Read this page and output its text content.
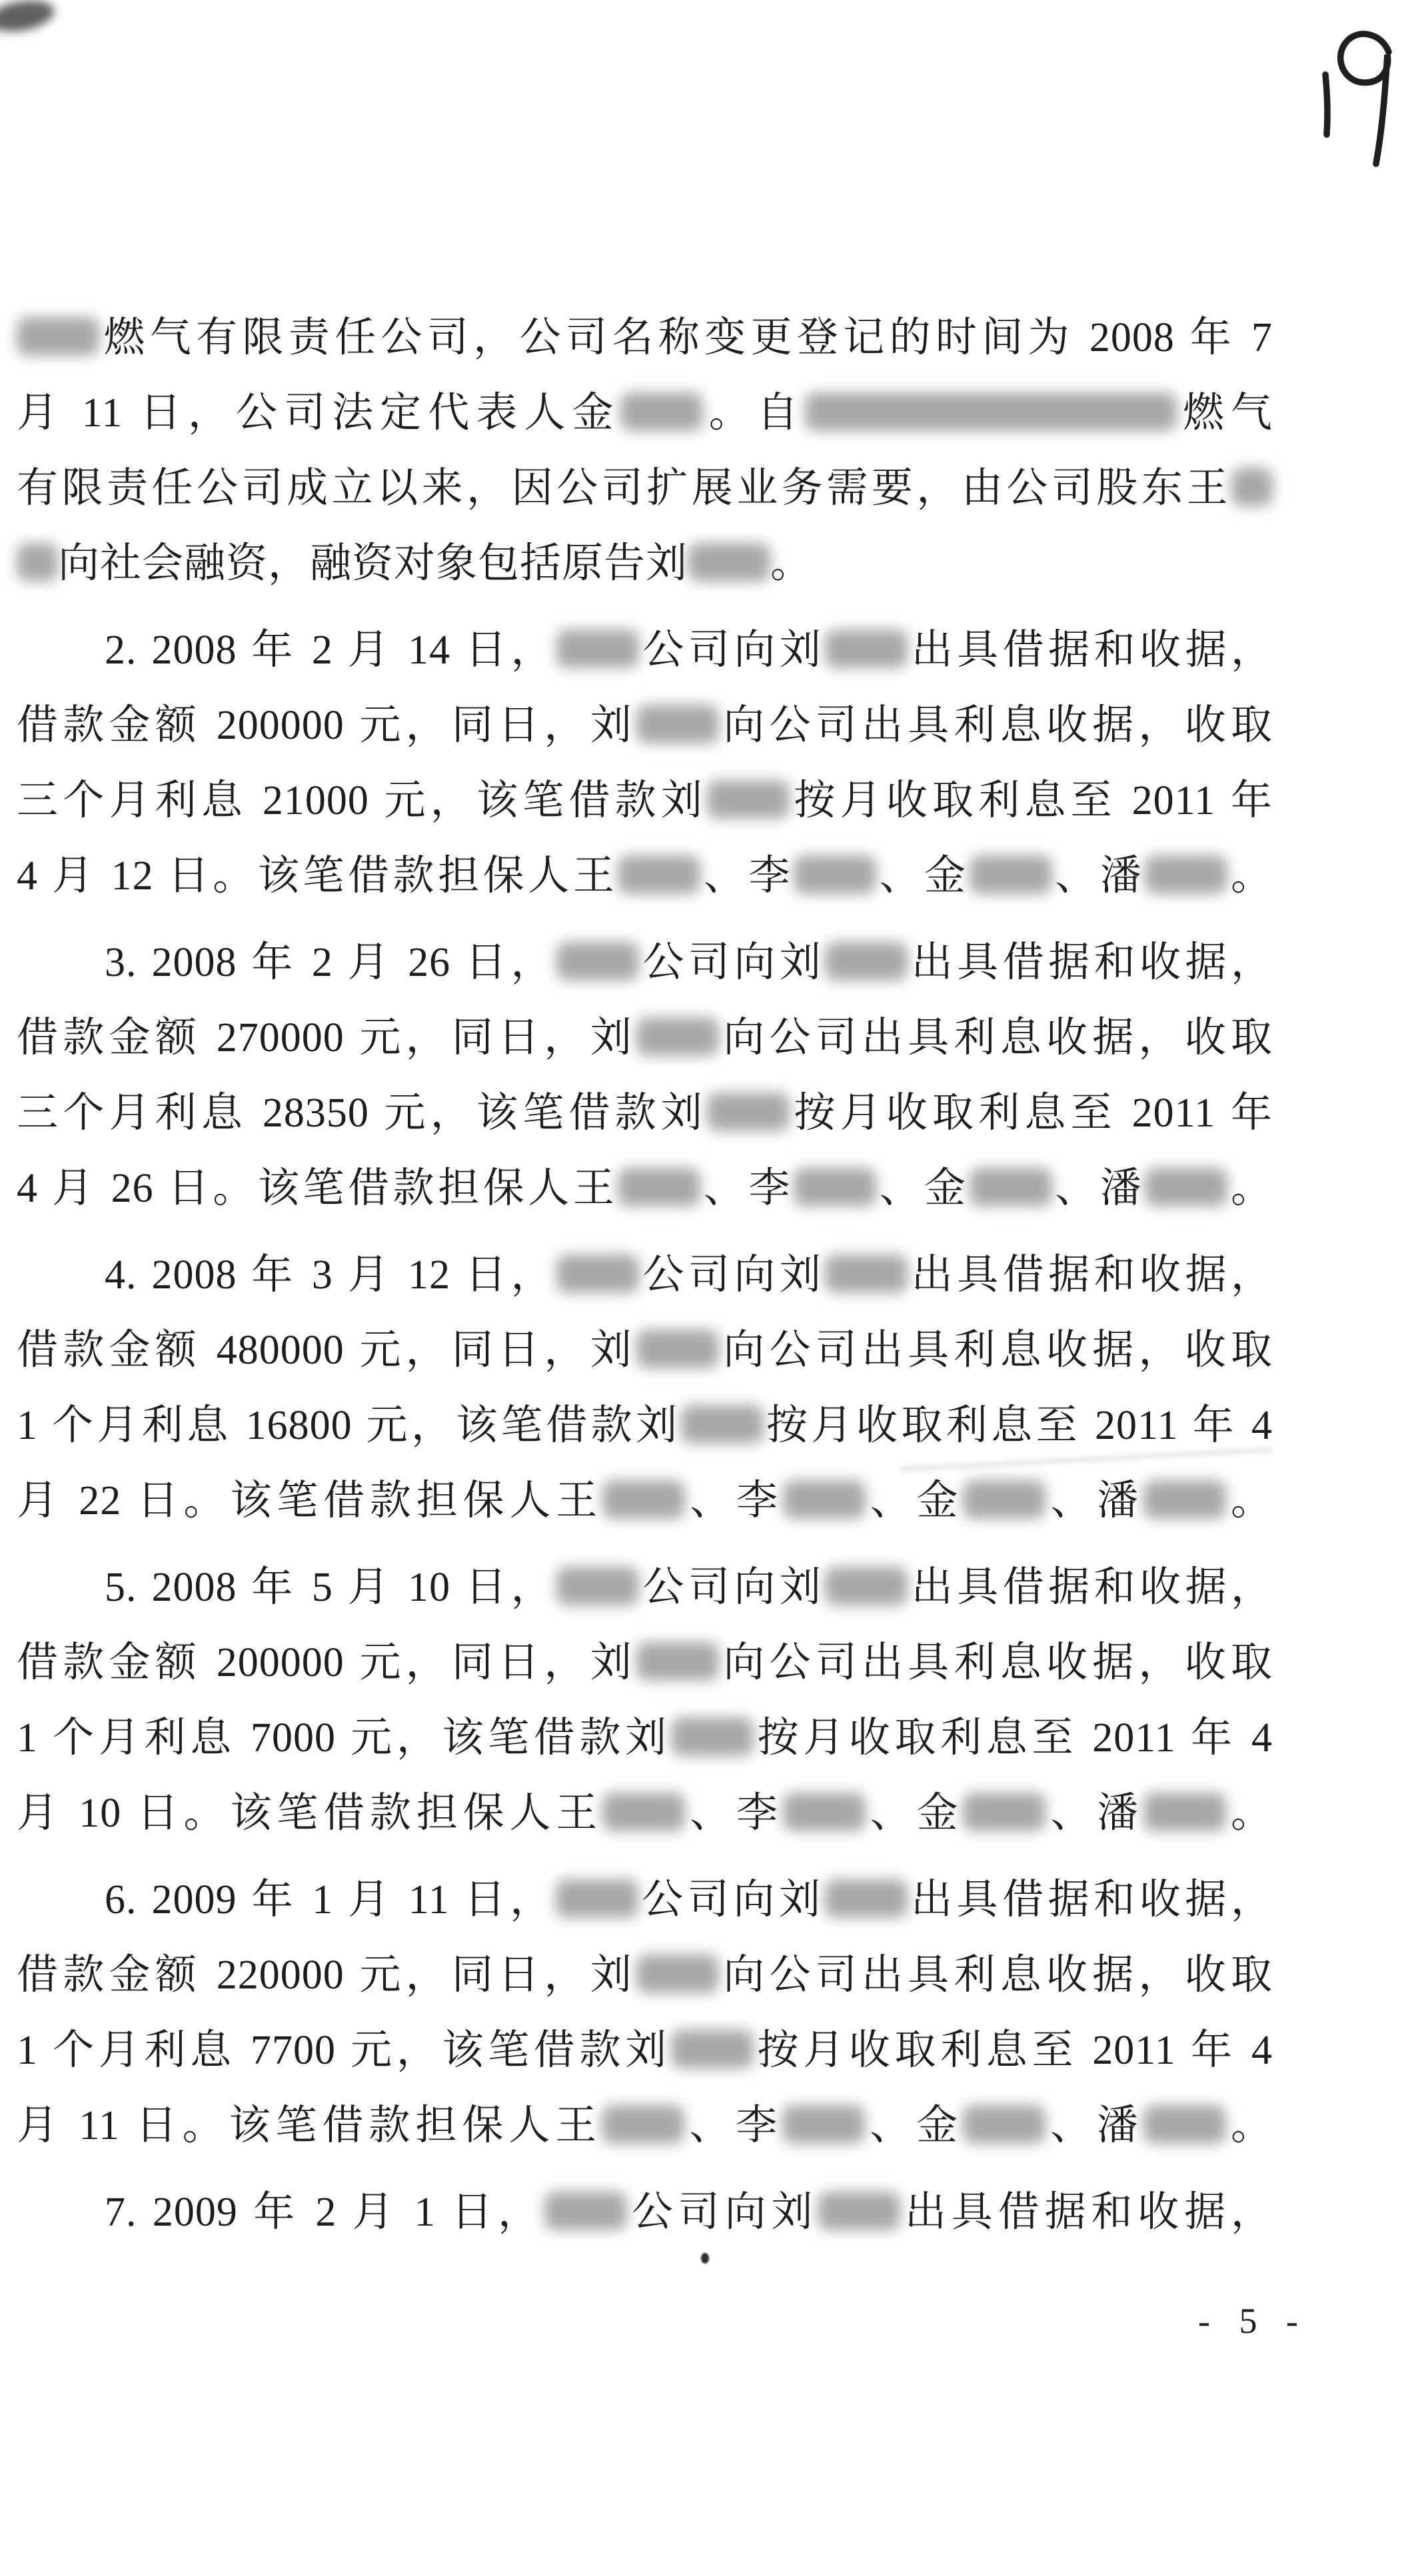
燃气有限责任公司，公司名称变更登记的时间为 2008 年 7
月 11 日，公司法定代表人金 。自	燃气
有限责任公司成立以来，因公司扩展业务需要，由公司股东王
向社会融资，融资对象包括原告刘 。
2. 2008 年 2 月 14 日， 公司向刘 出具借据和收据，
借款金额 200000 元，同日，刘 向公司出具利息收据，收取
三个月利息 21000 元，该笔借款刘 按月收取利息至 2011 年
4 月 12 日。该笔借款担保人王 、李 、金 、潘 。
3. 2008 年 2 月 26 日， 公司向刘 出具借据和收据，
借款金额 270000 元，同日，刘 向公司出具利息收据，收取
三个月利息 28350 元，该笔借款刘 按月收取利息至 2011 年
4 月 26 日。该笔借款担保人王 、李 、金 、潘 。
4. 2008 年 3 月 12 日， 公司向刘 出具借据和收据，
借款金额 480000 元，同日，刘 向公司出具利息收据，收取
1 个月利息 16800 元，该笔借款刘 按月收取利息至 2011 年 4
月 22 日。该笔借款担保人王 、李 、金 、潘 。
5. 2008 年 5 月 10 日， 公司向刘 出具借据和收据，
借款金额 200000 元，同日，刘 向公司出具利息收据，收取
1 个月利息 7000 元，该笔借款刘 按月收取利息至 2011 年 4
月 10 日。该笔借款担保人王 、李 、金 、潘 。
6. 2009 年 1 月 11 日， 公司向刘 出具借据和收据，
借款金额 220000 元，同日，刘 向公司出具利息收据，收取
1 个月利息 7700 元，该笔借款刘 按月收取利息至 2011 年 4
月 11 日。该笔借款担保人王 、李 、金 、潘 。
7. 2009 年 2 月 1 日， 公司向刘 出具借据和收据，
- 5 -
